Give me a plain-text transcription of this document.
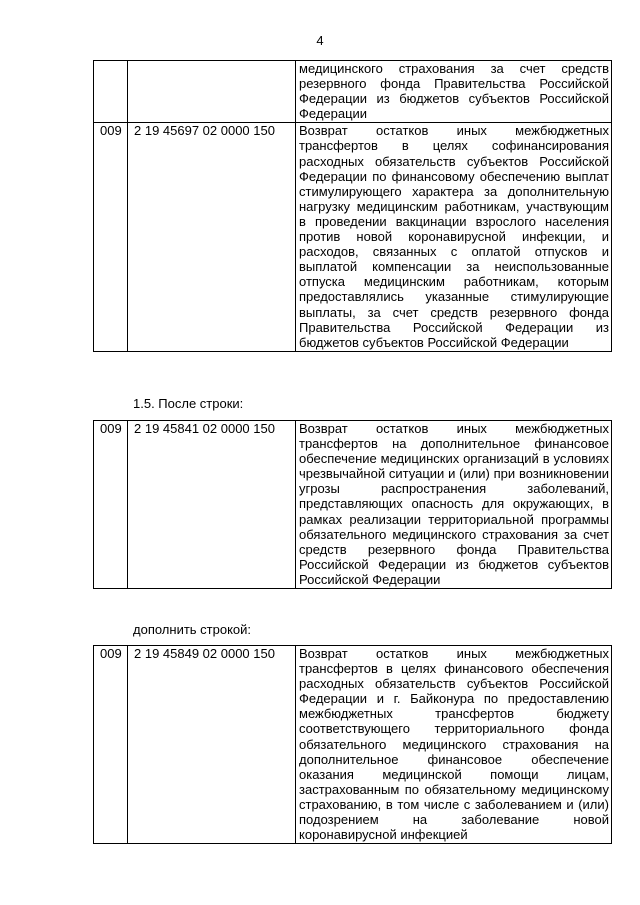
4
		медицинского страхования за счет средств резервного фонда Правительства Российской Федерации из бюджетов субъектов Российской Федерации
009	2 19 45697 02 0000 150	Возврат остатков иных межбюджетных трансфертов в целях софинансирования расходных обязательств субъектов Российской Федерации по финансовому обеспечению выплат стимулирующего характера за дополнительную нагрузку медицинским работникам, участвующим в проведении вакцинации взрослого населения против новой коронавирусной инфекции, и расходов, связанных с оплатой отпусков и выплатой компенсации за неиспользованные отпуска медицинским работникам, которым предоставлялись указанные стимулирующие выплаты, за счет средств резервного фонда Правительства Российской Федерации из бюджетов субъектов Российской Федерации
1.5. После строки:
009	2 19 45841 02 0000 150	Возврат остатков иных межбюджетных трансфертов на дополнительное финансовое обеспечение медицинских организаций в условиях чрезвычайной ситуации и (или) при возникновении угрозы распространения заболеваний, представляющих опасность для окружающих, в рамках реализации территориальной программы обязательного медицинского страхования за счет средств резервного фонда Правительства Российской Федерации из бюджетов субъектов Российской Федерации
дополнить строкой:
009	2 19 45849 02 0000 150	Возврат остатков иных межбюджетных трансфертов в целях финансового обеспечения расходных обязательств субъектов Российской Федерации и г. Байконура по предоставлению межбюджетных трансфертов бюджету соответствующего территориального фонда обязательного медицинского страхования на дополнительное финансовое обеспечение оказания медицинской помощи лицам, застрахованным по обязательному медицинскому страхованию, в том числе с заболеванием и (или) подозрением на заболевание новой коронавирусной инфекцией
